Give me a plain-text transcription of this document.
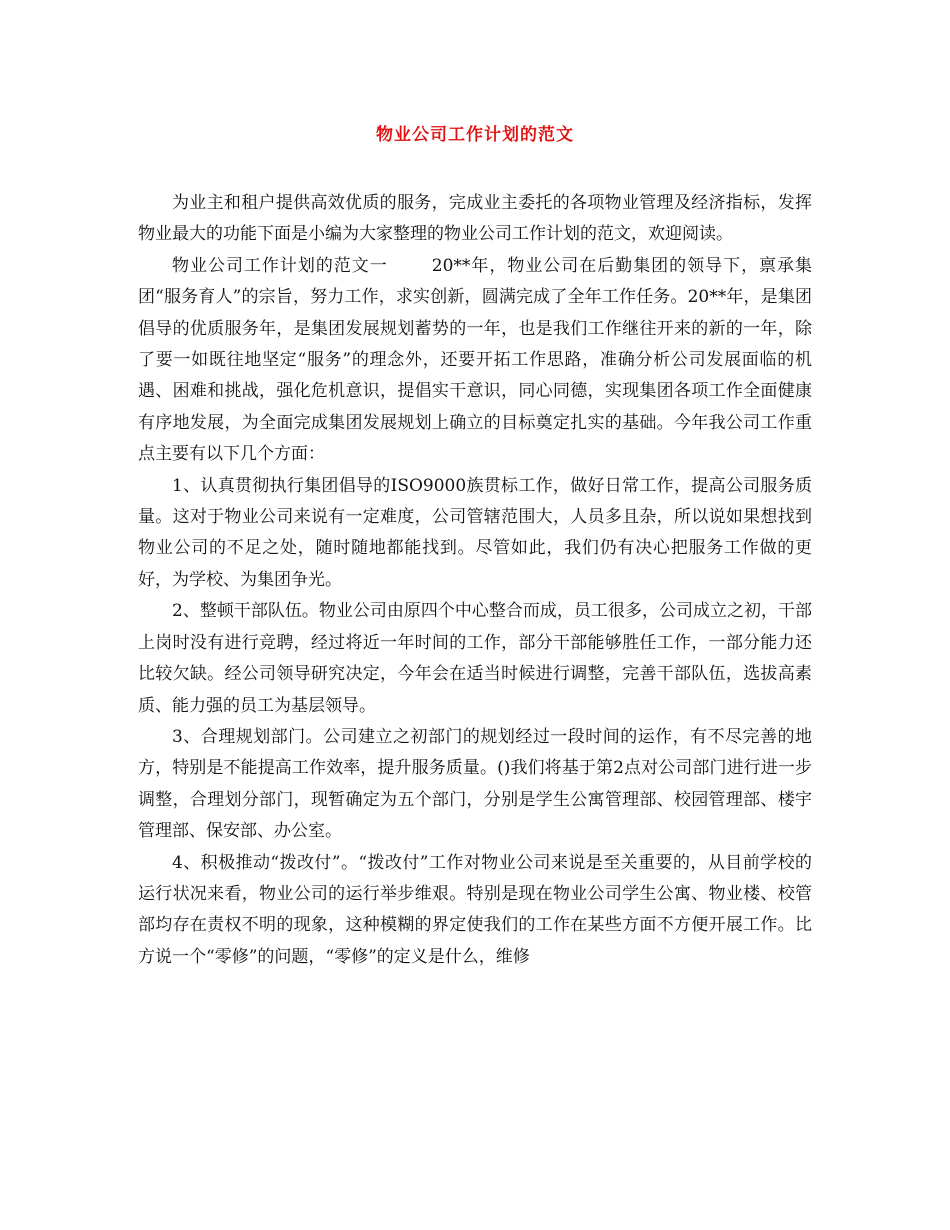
物业公司工作计划的范文

为业主和租户提供高效优质的服务，完成业主委托的各项物业管理及经济指标，发挥物业最大的功能下面是小编为大家整理的物业公司工作计划的范文，欢迎阅读。

物业公司工作计划的范文一	20**年，物业公司在后勤集团的领导下，禀承集团“服务育人”的宗旨，努力工作，求实创新，圆满完成了全年工作任务。20**年，是集团倡导的优质服务年，是集团发展规划蓄势的一年，也是我们工作继往开来的新的一年，除了要一如既往地坚定“服务”的理念外，还要开拓工作思路，准确分析公司发展面临的机遇、困难和挑战，强化危机意识，提倡实干意识，同心同德，实现集团各项工作全面健康有序地发展，为全面完成集团发展规划上确立的目标奠定扎实的基础。今年我公司工作重点主要有以下几个方面：

1、认真贯彻执行集团倡导的ISO9000族贯标工作，做好日常工作，提高公司服务质量。这对于物业公司来说有一定难度，公司管辖范围大，人员多且杂，所以说如果想找到物业公司的不足之处，随时随地都能找到。尽管如此，我们仍有决心把服务工作做的更好，为学校、为集团争光。

2、整顿干部队伍。物业公司由原四个中心整合而成，员工很多，公司成立之初，干部上岗时没有进行竞聘，经过将近一年时间的工作，部分干部能够胜任工作，一部分能力还比较欠缺。经公司领导研究决定，今年会在适当时候进行调整，完善干部队伍，选拔高素质、能力强的员工为基层领导。

3、合理规划部门。公司建立之初部门的规划经过一段时间的运作，有不尽完善的地方，特别是不能提高工作效率，提升服务质量。()我们将基于第2点对公司部门进行进一步调整，合理划分部门，现暂确定为五个部门，分别是学生公寓管理部、校园管理部、楼宇管理部、保安部、办公室。

4、积极推动“拨改付”。“拨改付”工作对物业公司来说是至关重要的，从目前学校的运行状况来看，物业公司的运行举步维艰。特别是现在物业公司学生公寓、物业楼、校管部均存在责权不明的现象，这种模糊的界定使我们的工作在某些方面不方便开展工作。比方说一个“零修”的问题，“零修”的定义是什么，维修
